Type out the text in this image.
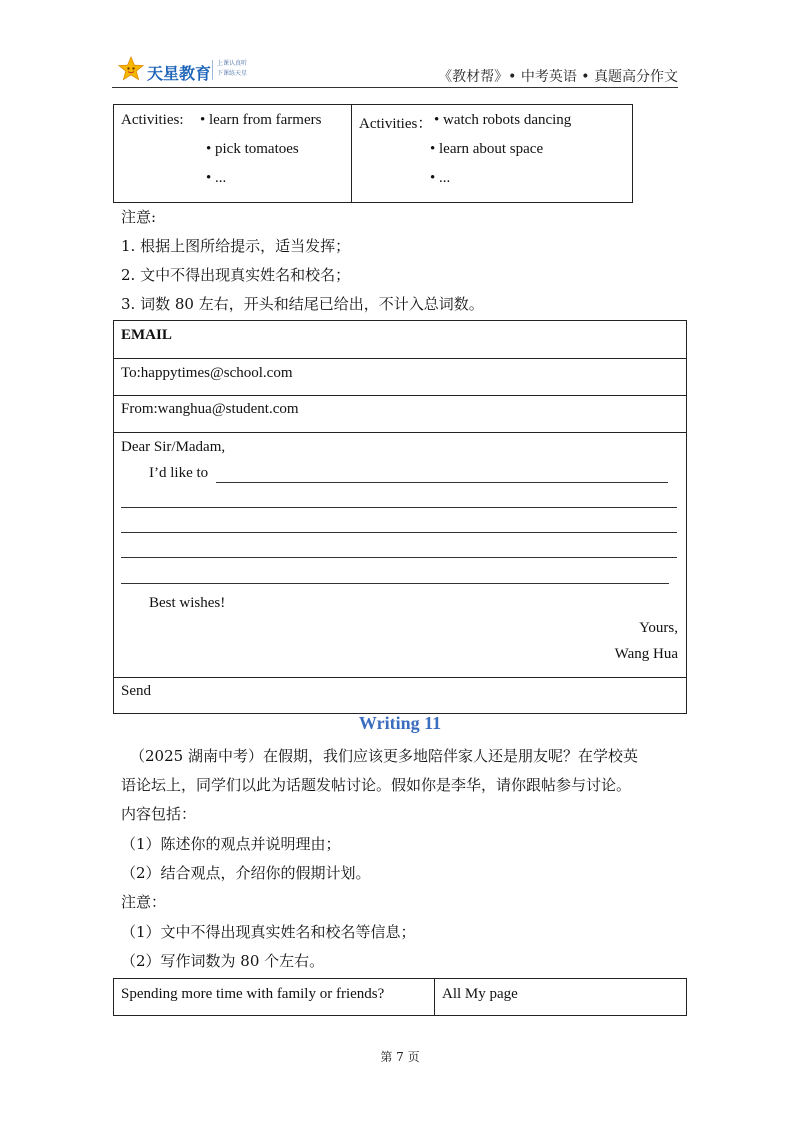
天星教育
上课认真听
下课练天星	《教材帮》• 中考英语 • 真题高分作文
Activities: • learn from farmers
• pick tomatoes
• ...
Activities： • watch robots dancing
• learn about space
• ...
注意:
1. 根据上图所给提示，适当发挥；
2. 文中不得出现真实姓名和校名；
3. 词数 80 左右，开头和结尾已给出，不计入总词数。
EMAIL
To:happytimes@school.com
From:wanghua@student.com
Dear Sir/Madam,
I’d like to
Best wishes!
Yours,
Wang Hua
Send
Writing 11
（2025 湖南中考）在假期，我们应该更多地陪伴家人还是朋友呢？在学校英
语论坛上，同学们以此为话题发帖讨论。假如你是李华，请你跟帖参与讨论。
内容包括：
（1）陈述你的观点并说明理由；
（2）结合观点，介绍你的假期计划。
注意：
（1）文中不得出现真实姓名和校名等信息；
（2）写作词数为 80 个左右。
Spending more time with family or friends?	All My page
第 7 页
